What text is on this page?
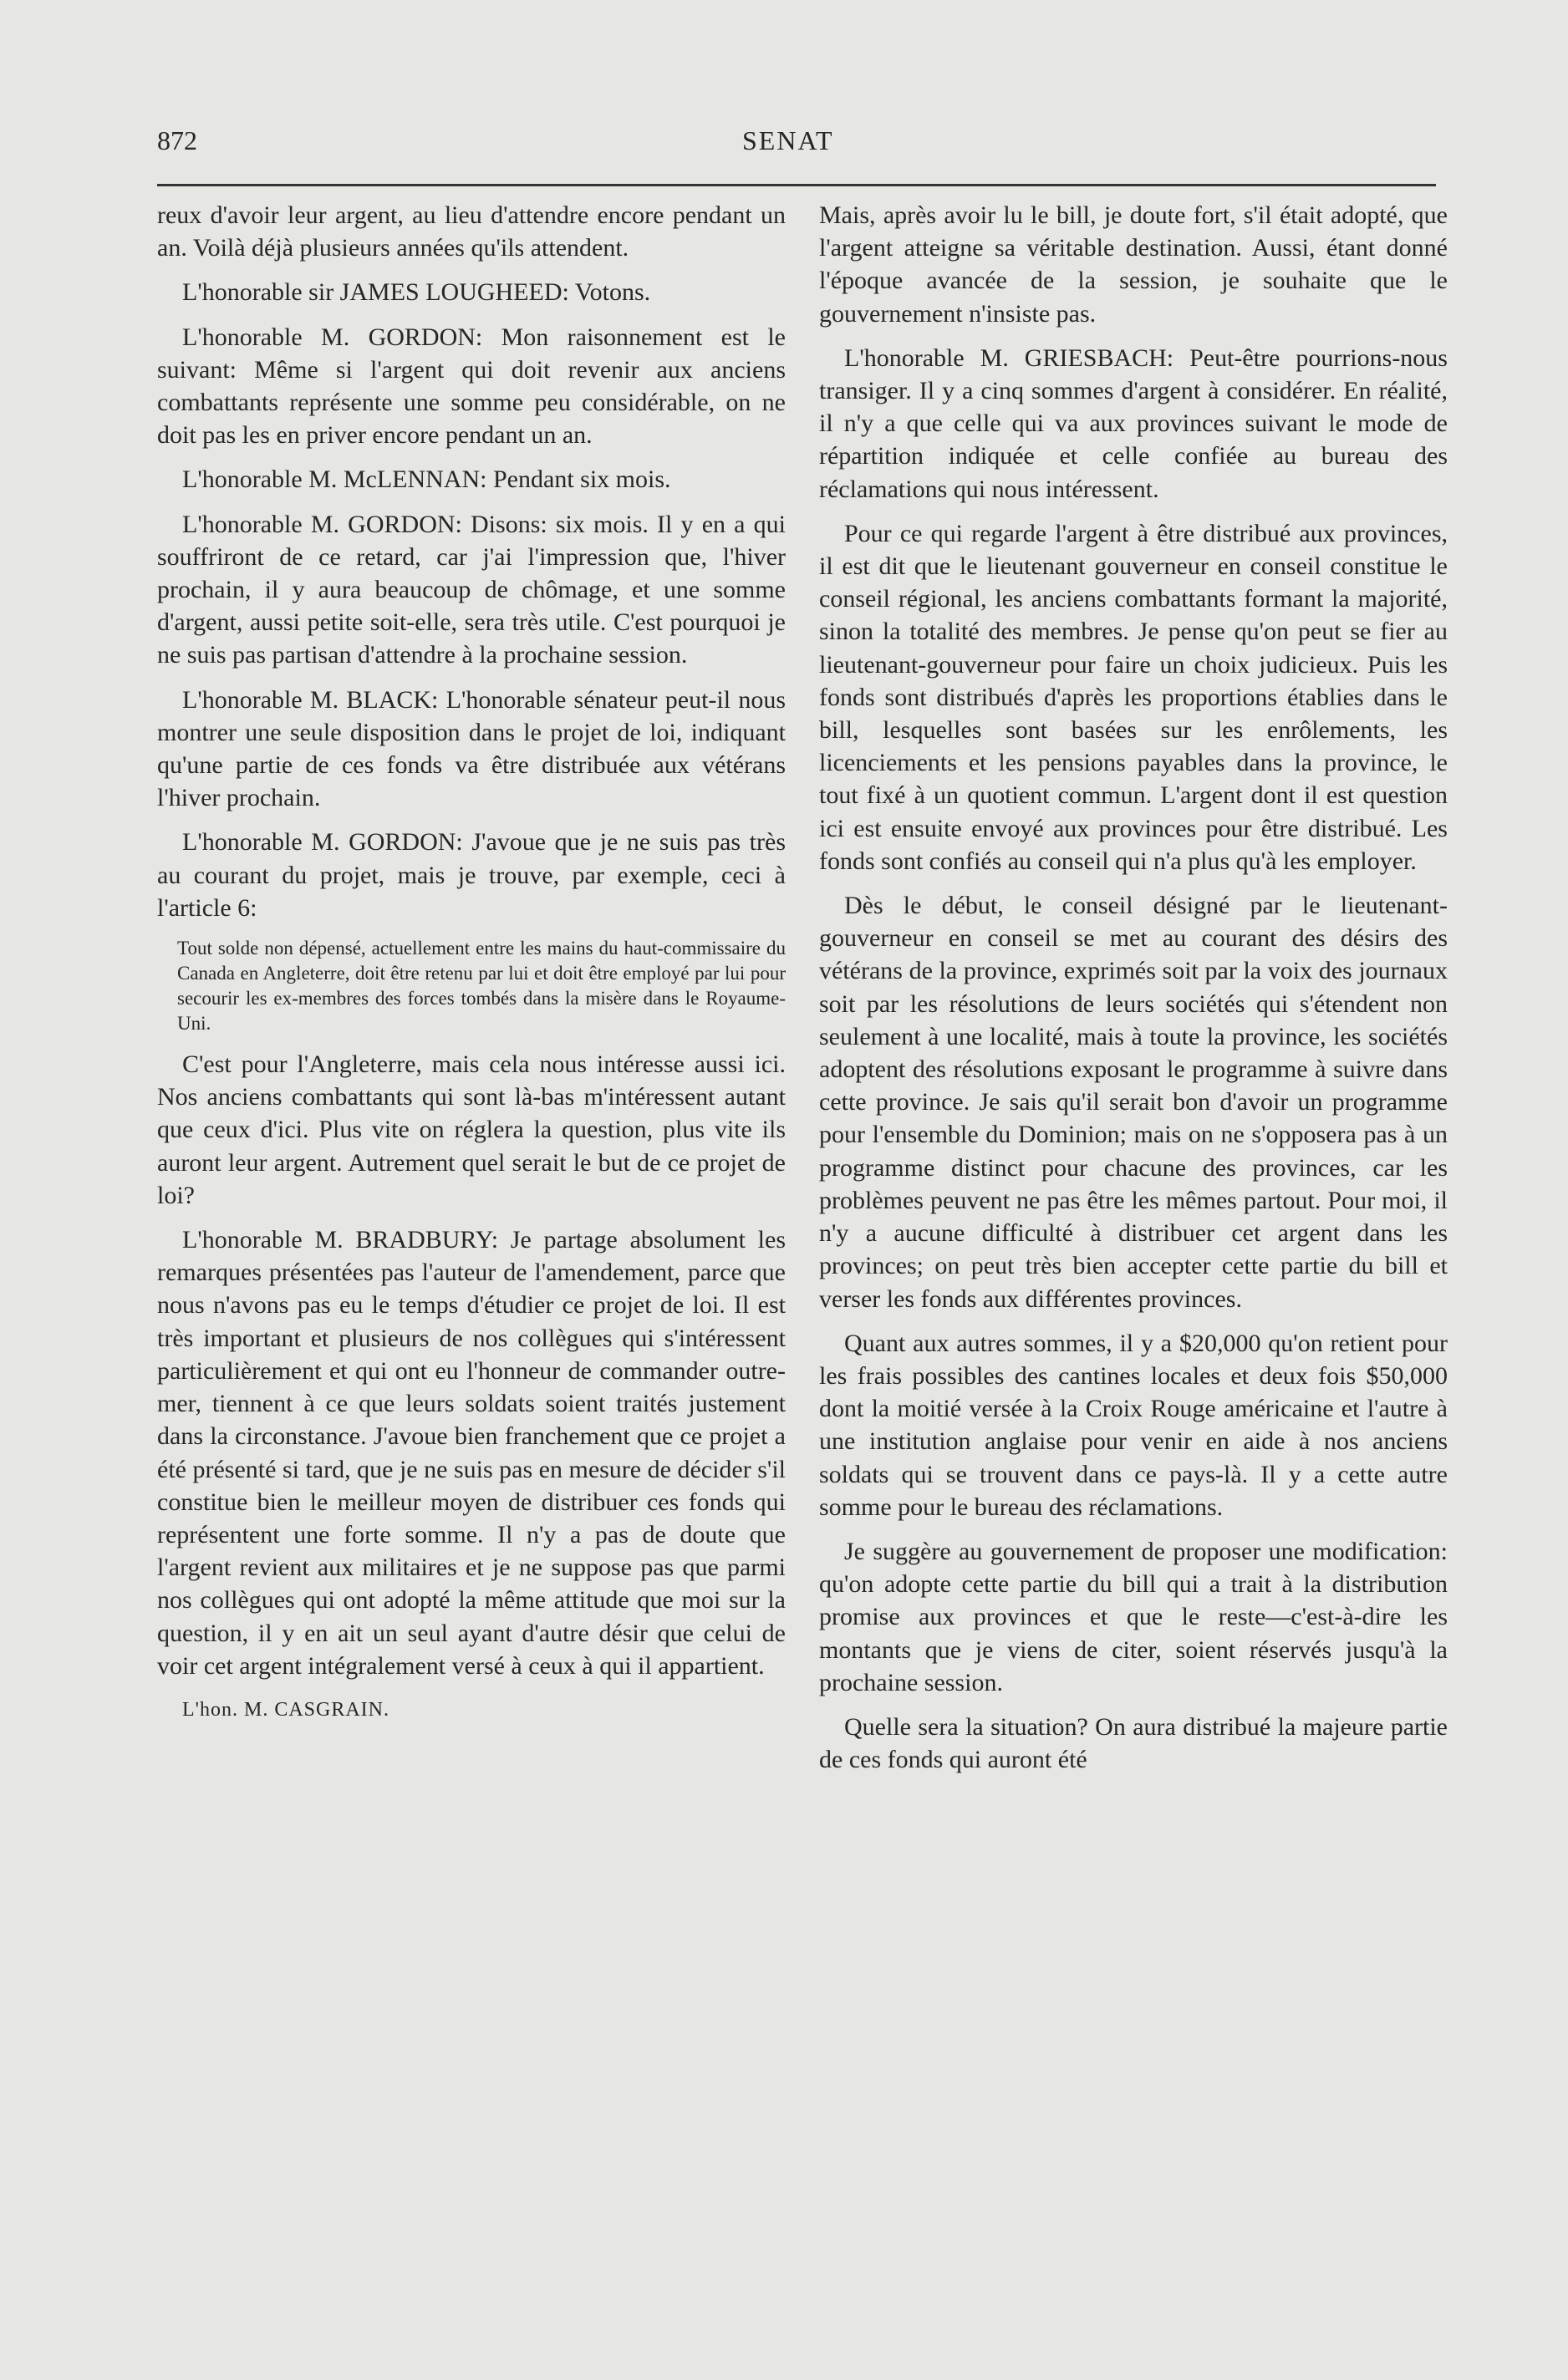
872	SENAT

reux d'avoir leur argent, au lieu d'attendre encore pendant un an. Voilà déjà plusieurs années qu'ils attendent.

L'honorable sir JAMES LOUGHEED: Votons.

L'honorable M. GORDON: Mon raisonnement est le suivant: Même si l'argent qui doit revenir aux anciens combattants représente une somme peu considérable, on ne doit pas les en priver encore pendant un an.

L'honorable M. McLENNAN: Pendant six mois.

L'honorable M. GORDON: Disons: six mois. Il y en a qui souffriront de ce retard, car j'ai l'impression que, l'hiver prochain, il y aura beaucoup de chômage, et une somme d'argent, aussi petite soit-elle, sera très utile. C'est pourquoi je ne suis pas partisan d'attendre à la prochaine session.

L'honorable M. BLACK: L'honorable sénateur peut-il nous montrer une seule disposition dans le projet de loi, indiquant qu'une partie de ces fonds va être distribuée aux vétérans l'hiver prochain.

L'honorable M. GORDON: J'avoue que je ne suis pas très au courant du projet, mais je trouve, par exemple, ceci à l'article 6:

Tout solde non dépensé, actuellement entre les mains du haut-commissaire du Canada en Angleterre, doit être retenu par lui et doit être employé par lui pour secourir les ex-membres des forces tombés dans la misère dans le Royaume-Uni.

C'est pour l'Angleterre, mais cela nous intéresse aussi ici. Nos anciens combattants qui sont là-bas m'intéressent autant que ceux d'ici. Plus vite on réglera la question, plus vite ils auront leur argent. Autrement quel serait le but de ce projet de loi?

L'honorable M. BRADBURY: Je partage absolument les remarques présentées pas l'auteur de l'amendement, parce que nous n'avons pas eu le temps d'étudier ce projet de loi. Il est très important et plusieurs de nos collègues qui s'intéressent particulièrement et qui ont eu l'honneur de commander outre-mer, tiennent à ce que leurs soldats soient traités justement dans la circonstance. J'avoue bien franchement que ce projet a été présenté si tard, que je ne suis pas en mesure de décider s'il constitue bien le meilleur moyen de distribuer ces fonds qui représentent une forte somme. Il n'y a pas de doute que l'argent revient aux militaires et je ne suppose pas que parmi nos collègues qui ont adopté la même attitude que moi sur la question, il y en ait un seul ayant d'autre désir que celui de voir cet argent intégralement versé à ceux à qui il appartient.

L'hon. M. CASGRAIN.

Mais, après avoir lu le bill, je doute fort, s'il était adopté, que l'argent atteigne sa véritable destination. Aussi, étant donné l'époque avancée de la session, je souhaite que le gouvernement n'insiste pas.

L'honorable M. GRIESBACH: Peut-être pourrions-nous transiger. Il y a cinq sommes d'argent à considérer. En réalité, il n'y a que celle qui va aux provinces suivant le mode de répartition indiquée et celle confiée au bureau des réclamations qui nous intéressent.

Pour ce qui regarde l'argent à être distribué aux provinces, il est dit que le lieutenant gouverneur en conseil constitue le conseil régional, les anciens combattants formant la majorité, sinon la totalité des membres. Je pense qu'on peut se fier au lieutenant-gouverneur pour faire un choix judicieux. Puis les fonds sont distribués d'après les proportions établies dans le bill, lesquelles sont basées sur les enrôlements, les licenciements et les pensions payables dans la province, le tout fixé à un quotient commun. L'argent dont il est question ici est ensuite envoyé aux provinces pour être distribué. Les fonds sont confiés au conseil qui n'a plus qu'à les employer.

Dès le début, le conseil désigné par le lieutenant-gouverneur en conseil se met au courant des désirs des vétérans de la province, exprimés soit par la voix des journaux soit par les résolutions de leurs sociétés qui s'étendent non seulement à une localité, mais à toute la province, les sociétés adoptent des résolutions exposant le programme à suivre dans cette province. Je sais qu'il serait bon d'avoir un programme pour l'ensemble du Dominion; mais on ne s'opposera pas à un programme distinct pour chacune des provinces, car les problèmes peuvent ne pas être les mêmes partout. Pour moi, il n'y a aucune difficulté à distribuer cet argent dans les provinces; on peut très bien accepter cette partie du bill et verser les fonds aux différentes provinces.

Quant aux autres sommes, il y a $20,000 qu'on retient pour les frais possibles des cantines locales et deux fois $50,000 dont la moitié versée à la Croix Rouge américaine et l'autre à une institution anglaise pour venir en aide à nos anciens soldats qui se trouvent dans ce pays-là. Il y a cette autre somme pour le bureau des réclamations.

Je suggère au gouvernement de proposer une modification: qu'on adopte cette partie du bill qui a trait à la distribution promise aux provinces et que le reste—c'est-à-dire les montants que je viens de citer, soient réservés jusqu'à la prochaine session.

Quelle sera la situation? On aura distribué la majeure partie de ces fonds qui auront été
